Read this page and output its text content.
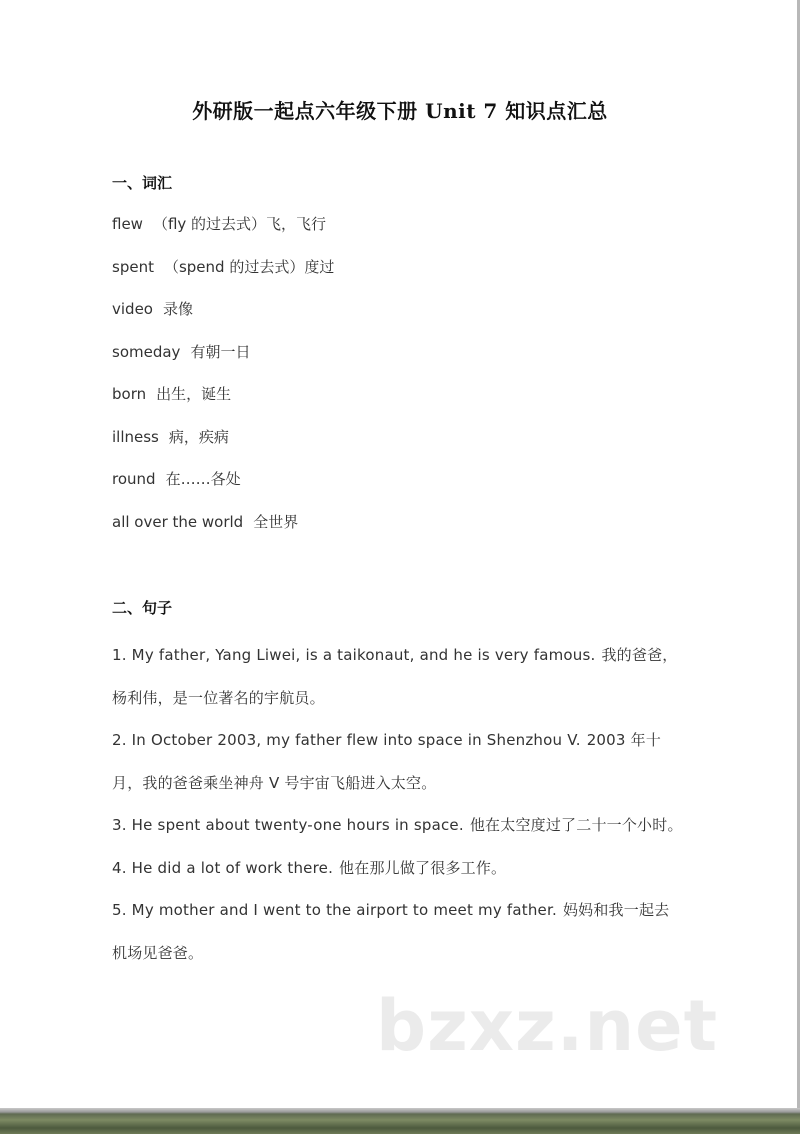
外研版一起点六年级下册 Unit 7 知识点汇总
一、词汇
flew （fly 的过去式）飞，飞行
spent （spend 的过去式）度过
video 录像
someday 有朝一日
born 出生，诞生
illness 病，疾病
round 在……各处
all over the world 全世界
二、句子
1. My father, Yang Liwei, is a taikonaut, and he is very famous. 我的爸爸，杨利伟，是一位著名的宇航员。
2. In October 2003, my father flew into space in Shenzhou V. 2003 年十月，我的爸爸乘坐神舟 V 号宇宙飞船进入太空。
3. He spent about twenty-one hours in space. 他在太空度过了二十一个小时。
4. He did a lot of work there. 他在那儿做了很多工作。
5. My mother and I went to the airport to meet my father. 妈妈和我一起去机场见爸爸。
bzxz.net
